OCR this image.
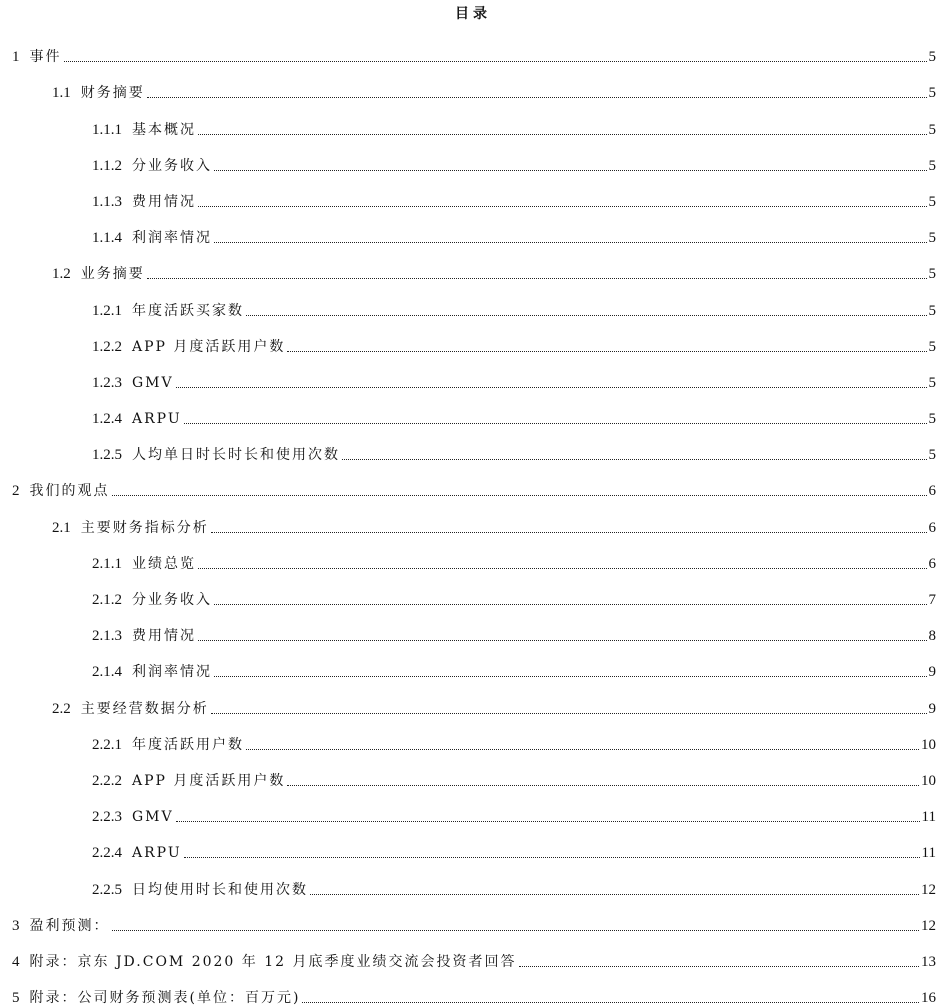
目录
1 事件	5
1.1 财务摘要	5
1.1.1 基本概况	5
1.1.2 分业务收入	5
1.1.3 费用情况	5
1.1.4 利润率情况	5
1.2 业务摘要	5
1.2.1 年度活跃买家数	5
1.2.2 APP 月度活跃用户数	5
1.2.3 GMV	5
1.2.4 ARPU	5
1.2.5 人均单日时长时长和使用次数	5
2 我们的观点	6
2.1 主要财务指标分析	6
2.1.1 业绩总览	6
2.1.2 分业务收入	7
2.1.3 费用情况	8
2.1.4 利润率情况	9
2.2 主要经营数据分析	9
2.2.1 年度活跃用户数	10
2.2.2 APP 月度活跃用户数	10
2.2.3 GMV	11
2.2.4 ARPU	11
2.2.5 日均使用时长和使用次数	12
3 盈利预测：	12
4 附录：京东 JD.COM 2020 年 12 月底季度业绩交流会投资者回答	13
5 附录：公司财务预测表(单位：百万元)	16
